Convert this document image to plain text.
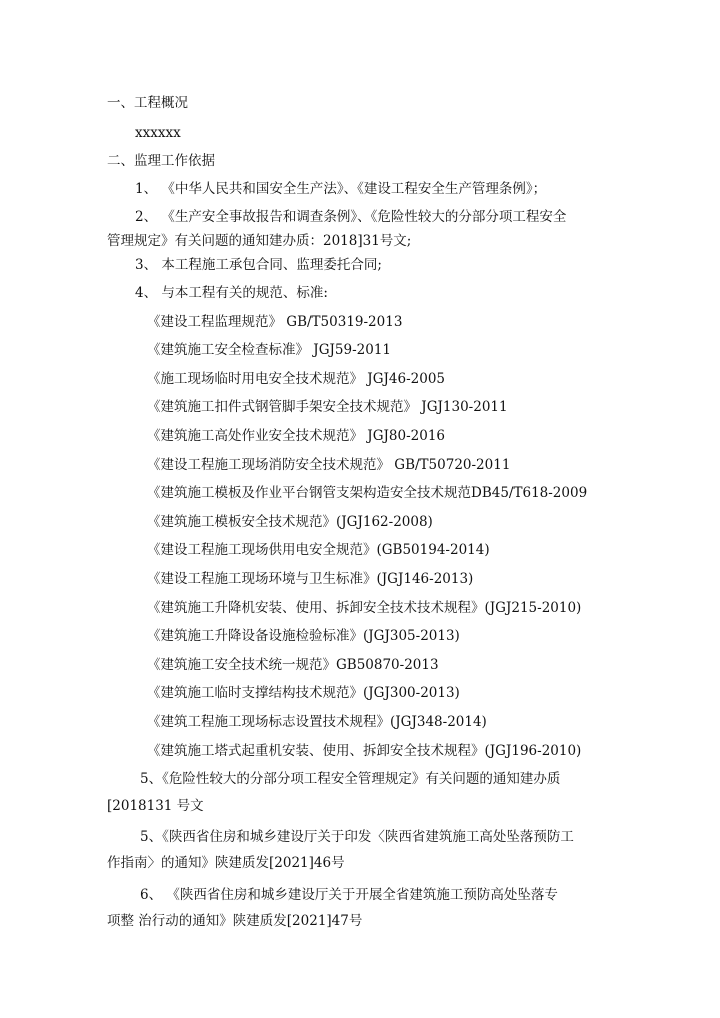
一、工程概况
xxxxxx
二、监理工作依据
1、 《中华人民共和国安全生产法》、《建设工程安全生产管理条例》；
2、 《生产安全事故报告和调查条例》、《危险性较大的分部分项工程安全
管理规定》有关问题的通知建办质：2018]31号文;
3、 本工程施工承包合同、监理委托合同;
4、 与本工程有关的规范、标准:
《建设工程监理规范》 GB/T50319-2013
《建筑施工安全检查标准》 JGJ59-2011
《施工现场临时用电安全技术规范》 JGJ46-2005
《建筑施工扣件式钢管脚手架安全技术规范》 JGJ130-2011
《建筑施工高处作业安全技术规范》 JGJ80-2016
《建设工程施工现场消防安全技术规范》 GB/T50720-2011
《建筑施工模板及作业平台钢管支架构造安全技术规范DB45/T618-2009
《建筑施工模板安全技术规范》(JGJ162-2008)
《建设工程施工现场供用电安全规范》(GB50194-2014)
《建设工程施工现场环境与卫生标准》(JGJ146-2013)
《建筑施工升降机安装、使用、拆卸安全技术技术规程》(JGJ215-2010)
《建筑施工升降设备设施检验标准》(JGJ305-2013)
《建筑施工安全技术统一规范》GB50870-2013
《建筑施工临时支撑结构技术规范》(JGJ300-2013)
《建筑工程施工现场标志设置技术规程》(JGJ348-2014)
《建筑施工塔式起重机安装、使用、拆卸安全技术规程》(JGJ196-2010)
5、《危险性较大的分部分项工程安全管理规定》有关问题的通知建办质
[2018131 号文
5、《陕西省住房和城乡建设厅关于印发〈陕西省建筑施工高处坠落预防工
作指南〉的通知》陕建质发[2021]46号
6、 《陕西省住房和城乡建设厅关于开展全省建筑施工预防高处坠落专
项整 治行动的通知》陕建质发[2021]47号
